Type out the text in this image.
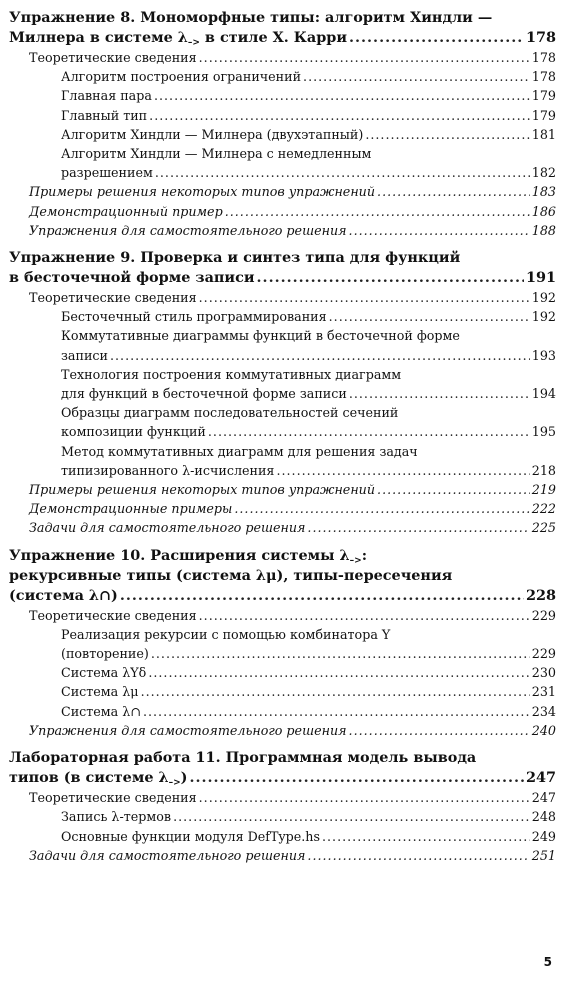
Упражнение 8. Мономорфные типы: алгоритм Хиндли —
Милнера в системе $\lambda_{->}$ в стиле Х. Карри .....	178
Теоретические сведения .....	178
Алгоритм построения ограничений .....	178
Главная пара .....	179
Главный тип .....	179
Алгоритм Хиндли — Милнера (двухэтапный) .....	181
Алгоритм Хиндли — Милнера с немедленным
разрешением .....	182
Примеры решения некоторых типов упражнений .....	183
Демонстрационный пример .....	186
Упражнения для самостоятельного решения .....	188
Упражнение 9. Проверка и синтез типа для функций
в бесточечной форме записи .....	191
Теоретические сведения .....	192
Бесточечный стиль программирования .....	192
Коммутативные диаграммы функций в бесточечной форме
записи .....	193
Технология построения коммутативных диаграмм
для функций в бесточечной форме записи .....	194
Образцы диаграмм последовательностей сечений
композиции функций .....	195
Метод коммутативных диаграмм для решения задач
типизированного λ-исчисления .....	218
Примеры решения некоторых типов упражнений .....	219
Демонстрационные примеры .....	222
Задачи для самостоятельного решения .....	225
Упражнение 10. Расширения системы $\lambda_{->}$:
рекурсивные типы (система λμ), типы-пересечения
(система λ∩) .....	228
Теоретические сведения .....	229
Реализация рекурсии с помощью комбинатора Y
(повторение) .....	229
Система λYδ .....	230
Система λμ .....	231
Система λ∩ .....	234
Упражнения для самостоятельного решения .....	240
Лабораторная работа 11. Программная модель вывода
типов (в системе $\lambda_{->}$) .....	247
Теоретические сведения .....	247
Запись λ-термов .....	248
Основные функции модуля DefType.hs .....	249
Задачи для самостоятельного решения .....	251
5
